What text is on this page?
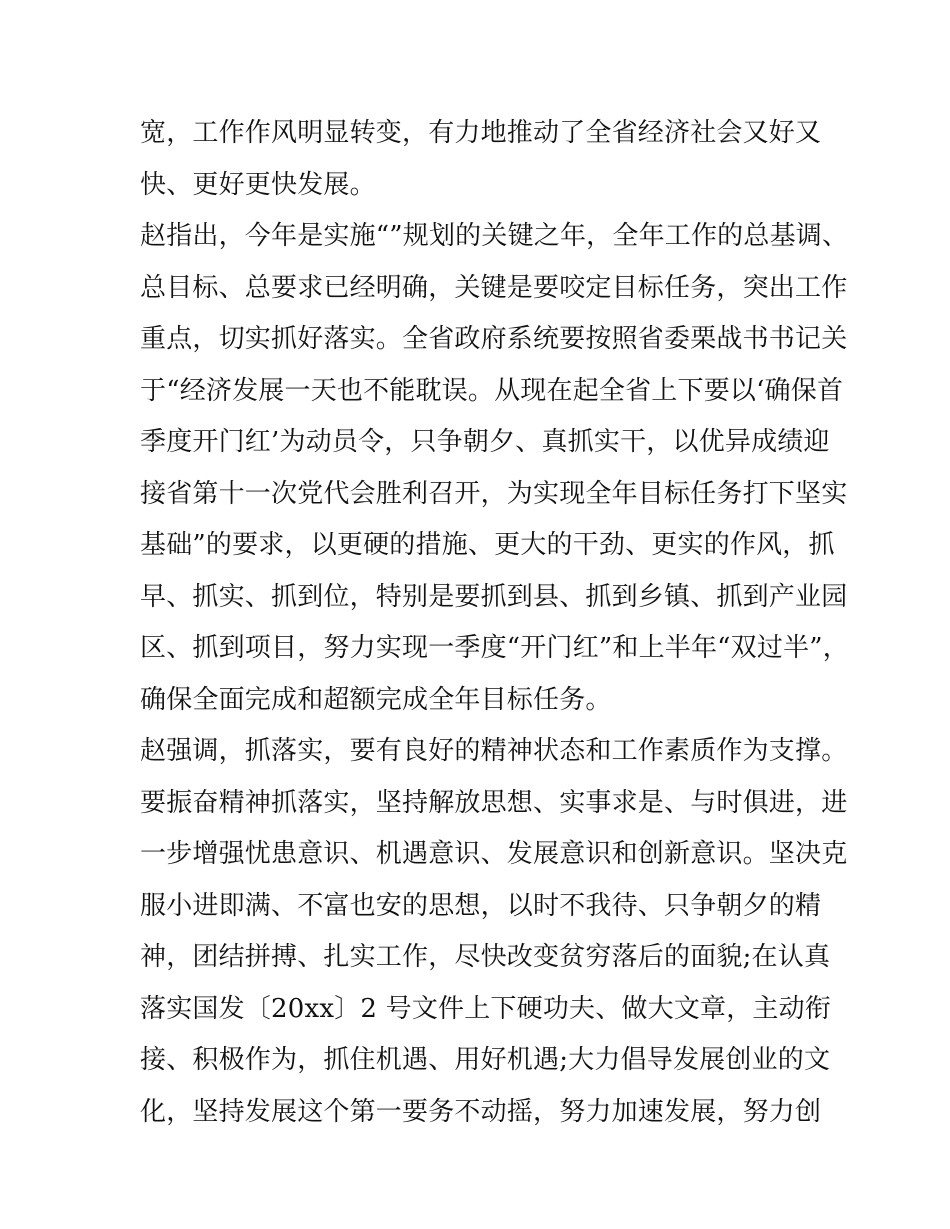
宽，工作作风明显转变，有力地推动了全省经济社会又好又
快、更好更快发展。
赵指出，今年是实施“”规划的关键之年，全年工作的总基调、
总目标、总要求已经明确，关键是要咬定目标任务，突出工作
重点，切实抓好落实。全省政府系统要按照省委栗战书书记关
于“经济发展一天也不能耽误。从现在起全省上下要以‘确保首
季度开门红’为动员令，只争朝夕、真抓实干，以优异成绩迎
接省第十一次党代会胜利召开，为实现全年目标任务打下坚实
基础”的要求，以更硬的措施、更大的干劲、更实的作风，抓
早、抓实、抓到位，特别是要抓到县、抓到乡镇、抓到产业园
区、抓到项目，努力实现一季度“开门红”和上半年“双过半”，
确保全面完成和超额完成全年目标任务。
赵强调，抓落实，要有良好的精神状态和工作素质作为支撑。
要振奋精神抓落实，坚持解放思想、实事求是、与时俱进，进
一步增强忧患意识、机遇意识、发展意识和创新意识。坚决克
服小进即满、不富也安的思想，以时不我待、只争朝夕的精
神，团结拼搏、扎实工作，尽快改变贫穷落后的面貌;在认真
落实国发〔20xx〕2 号文件上下硬功夫、做大文章，主动衔
接、积极作为，抓住机遇、用好机遇;大力倡导发展创业的文
化，坚持发展这个第一要务不动摇，努力加速发展，努力创
